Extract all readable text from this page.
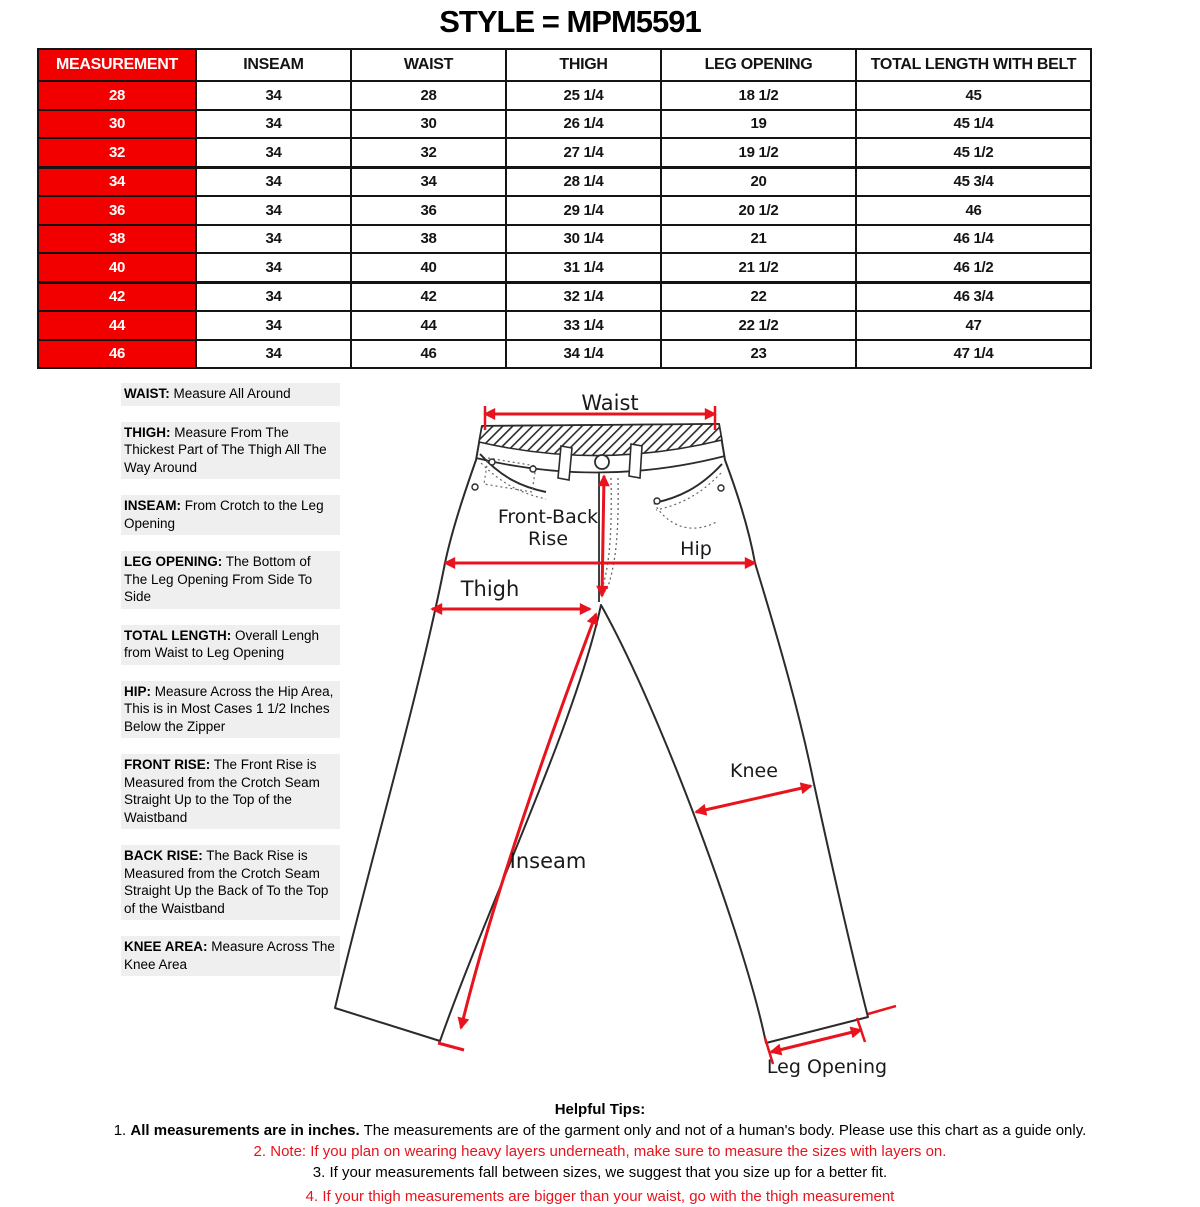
STYLE = MPM5591
MEASUREMENT	INSEAM	WAIST	THIGH	LEG OPENING	TOTAL LENGTH WITH BELT
28	34	28	25 1/4	18 1/2	45
30	34	30	26 1/4	19	45 1/4
32	34	32	27 1/4	19 1/2	45 1/2
34	34	34	28 1/4	20	45 3/4
36	34	36	29 1/4	20 1/2	46
38	34	38	30 1/4	21	46 1/4
40	34	40	31 1/4	21 1/2	46 1/2
42	34	42	32 1/4	22	46 3/4
44	34	44	33 1/4	22 1/2	47
46	34	46	34 1/4	23	47 1/4
WAIST: Measure All Around
THIGH: Measure From The Thickest Part of The Thigh All The Way Around
INSEAM: From Crotch to the Leg Opening
LEG OPENING: The Bottom of The Leg Opening From Side To Side
TOTAL LENGTH: Overall Lengh from Waist to Leg Opening
HIP: Measure Across the Hip Area, This is in Most Cases 1 1/2 Inches Below the Zipper
FRONT RISE: The Front Rise is Measured from the Crotch Seam Straight Up to the Top of the Waistband
BACK RISE: The Back Rise is Measured from the Crotch Seam Straight Up the Back of To the Top of the Waistband
KNEE AREA: Measure Across The Knee Area
Waist
Front-Back
Rise	Hip
Thigh
Knee
Inseam
Leg Opening
Helpful Tips:
1. All measurements are in inches. The measurements are of the garment only and not of a human's body. Please use this chart as a guide only.
2. Note: If you plan on wearing heavy layers underneath, make sure to measure the sizes with layers on.
3. If your measurements fall between sizes, we suggest that you size up for a better fit.
4. If your thigh measurements are bigger than your waist, go with the thigh measurement
